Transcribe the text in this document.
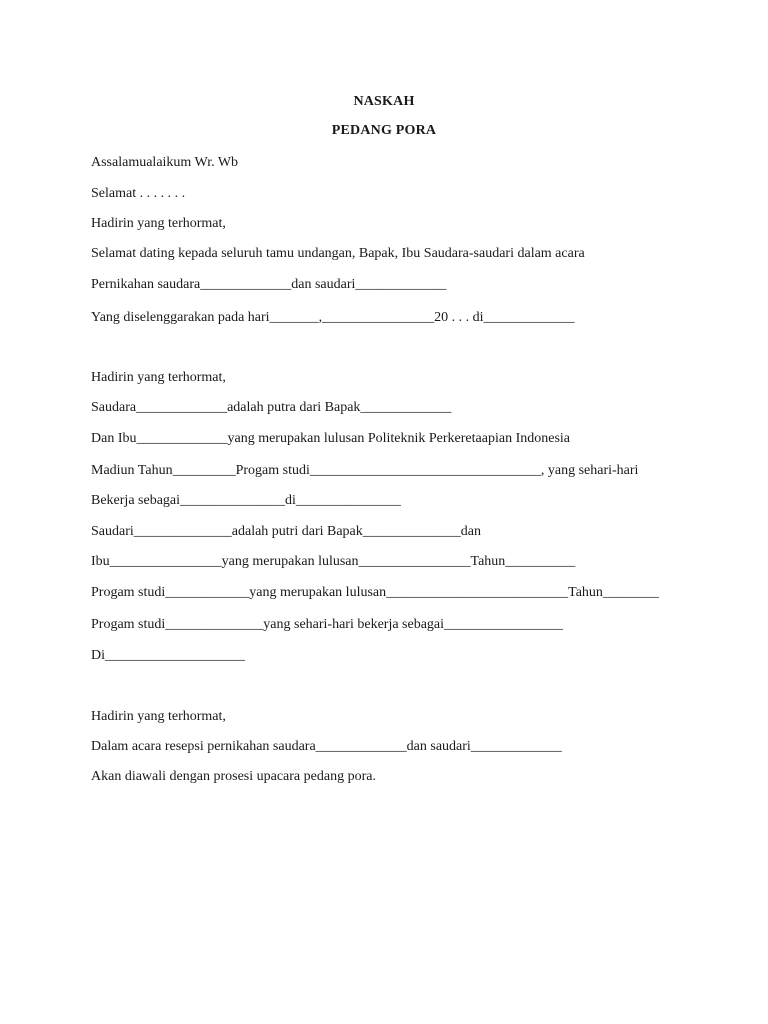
NASKAH
PEDANG PORA
Assalamualaikum Wr. Wb
Selamat . . . . . . .
Hadirin yang terhormat,
Selamat dating kepada seluruh tamu undangan, Bapak, Ibu Saudara-saudari dalam acara
Pernikahan saudara_____________dan saudari_____________
Yang diselenggarakan pada hari_______,________________20 . . . di_____________
Hadirin yang terhormat,
Saudara_____________adalah putra dari Bapak_____________
Dan Ibu_____________yang merupakan lulusan Politeknik Perkeretaapian Indonesia
Madiun Tahun_________Progam studi_________________________________, yang sehari-hari
Bekerja sebagai_______________di_______________
Saudari______________adalah putri dari Bapak______________dan
Ibu________________yang merupakan lulusan________________Tahun__________
Progam studi____________yang merupakan lulusan__________________________Tahun________
Progam studi______________yang sehari-hari bekerja sebagai_________________
Di____________________
Hadirin yang terhormat,
Dalam acara resepsi pernikahan saudara_____________dan saudari_____________
Akan diawali dengan prosesi upacara pedang pora.
